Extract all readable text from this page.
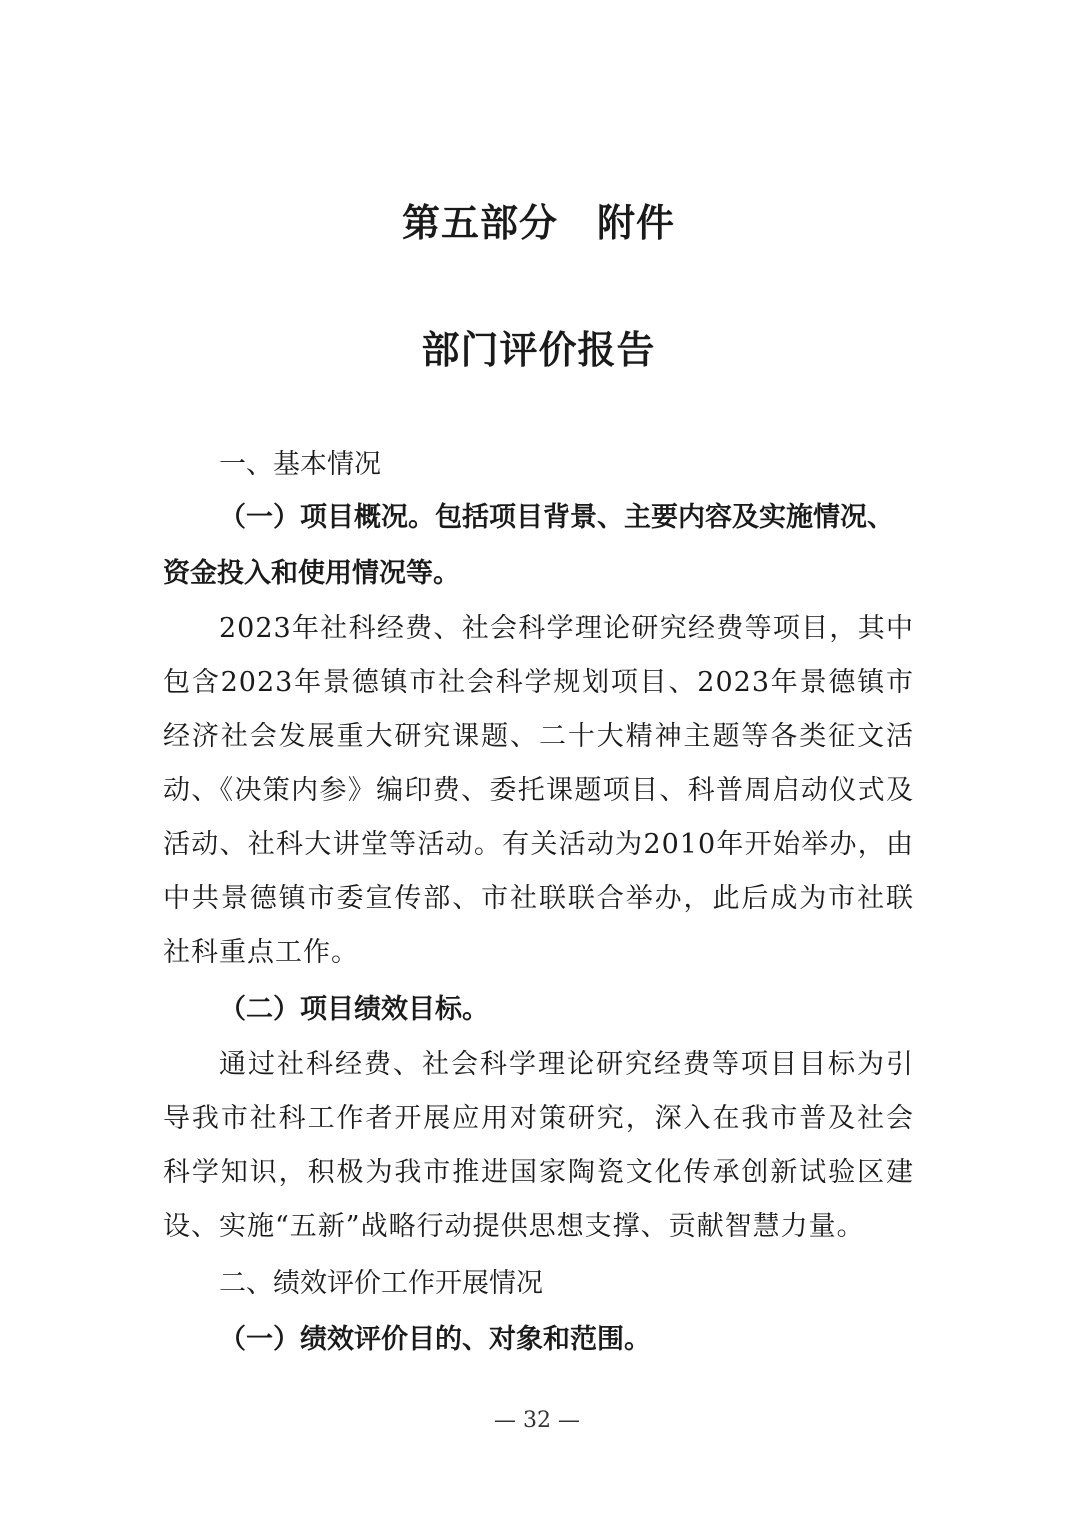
第五部分　附件
部门评价报告

一、基本情况

（一）项目概况。包括项目背景、主要内容及实施情况、资金投入和使用情况等。

2023年社科经费、社会科学理论研究经费等项目，其中包含2023年景德镇市社会科学规划项目、2023年景德镇市经济社会发展重大研究课题、二十大精神主题等各类征文活动、《决策内参》编印费、委托课题项目、科普周启动仪式及活动、社科大讲堂等活动。有关活动为2010年开始举办，由中共景德镇市委宣传部、市社联联合举办，此后成为市社联社科重点工作。

（二）项目绩效目标。

通过社科经费、社会科学理论研究经费等项目目标为引导我市社科工作者开展应用对策研究，深入在我市普及社会科学知识，积极为我市推进国家陶瓷文化传承创新试验区建设、实施“五新”战略行动提供思想支撑、贡献智慧力量。

二、绩效评价工作开展情况

（一）绩效评价目的、对象和范围。

— 32 —
